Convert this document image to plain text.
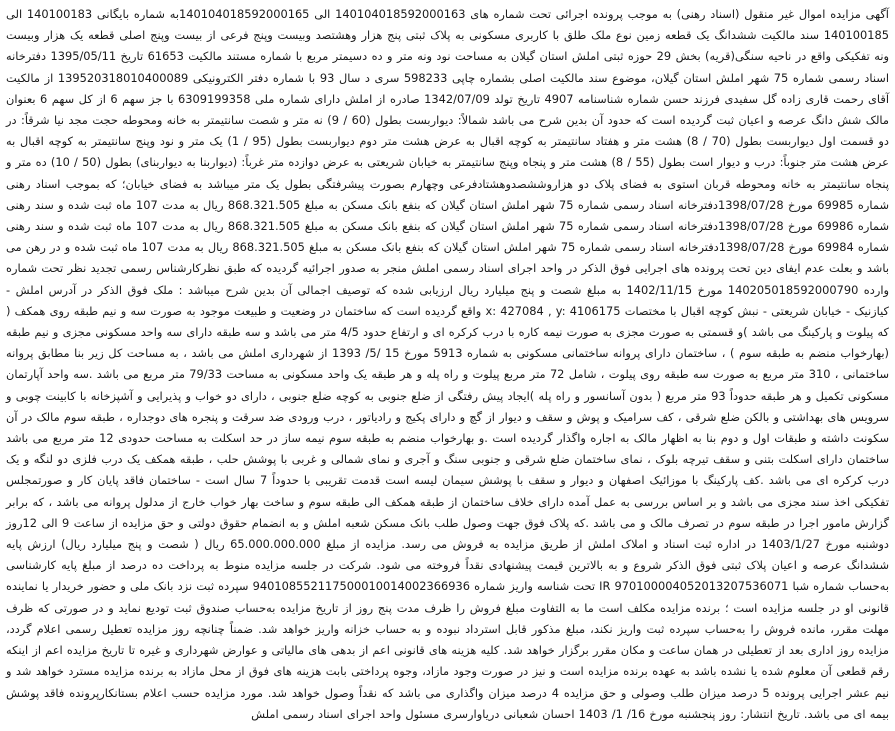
آگهی مزایده اموال غیر منقول (اسناد رهنی) به موجب پرونده اجرائی تحت شماره های 140104018592000163 الی 140104018592000165به شماره بایگانی 140100183 الی 140100185 سند مالکیت ششدانگ یک قطعه زمین نوع ملک طلق با کاربری مسکونی به پلاک ثبتی پنج هزار وهشتصد وبیست وپنج فرعی از بیست وپنج اصلی قطعه یک هزار وبیست ونه تفکیکی واقع در ناحیه سنگی(قریه) بخش 29 حوزه ثبتی املش استان گیلان به مساحت نود ونه متر و ده دسیمتر مربع با شماره مستند مالکیت 61653 تاریخ 1395/05/11 دفترخانه اسناد رسمی شماره 75 شهر املش استان گیلان، موضوع سند مالکیت اصلی بشماره چاپی 598233 سری د سال 93 با شماره دفتر الکترونیکی 139520318010400089 از مالکیت آقای رحمت قاری زاده گل سفیدی فرزند حسن شماره شناسنامه 4907 تاریخ تولد 1342/07/09 صادره از املش دارای شماره ملی 6309199358 با جز سهم 6 از کل سهم 6 بعنوان مالک شش دانگ عرصه و اعیان ثبت گردیده است که حدود آن بدین شرح می باشد شمالاً: دیواربست بطول (60 / 9) نه متر و شصت سانتیمتر به خانه ومحوطه حجت مجد نیا شرقاً: در دو قسمت اول دیواربست بطول (70 / 8) هشت متر و هفتاد سانتیمتر به کوچه اقبال به عرض هشت متر دوم دیواربست بطول (95 / 1) یک متر و نود وپنج سانتیمتر به کوچه اقبال به عرض هشت متر جنوباً: درب و دیوار است بطول (55 / 8) هشت متر و پنجاه وپنج سانتیمتر به خیابان شریعتی به عرض دوازده متر غرباً: (دیواربنا به دیواربنای) بطول (50 / 10) ده متر و پنجاه سانتیمتر به خانه ومحوطه قربان استوی به فضای پلاک دو هزاروششصدوهشتادفرعی وچهارم بصورت پیشرفتگی بطول یک متر میباشد به فضای خیابان؛ که بموجب اسناد رهنی شماره 69985 مورخ 1398/07/28دفترخانه اسناد رسمی شماره 75 شهر املش استان گیلان که بنفع بانک مسکن به مبلغ 868.321.505 ریال به مدت 107 ماه ثبت شده و سند رهنی شماره 69986 مورخ 1398/07/28دفترخانه اسناد رسمی شماره 75 شهر املش استان گیلان که بنفع بانک مسکن به مبلغ 868.321.505 ریال به مدت 107 ماه ثبت شده و سند رهنی شماره 69984 مورخ 1398/07/28دفترخانه اسناد رسمی شماره 75 شهر املش استان گیلان که بنفع بانک مسکن به مبلغ 868.321.505 ریال به مدت 107 ماه ثبت شده و در رهن می باشد و بعلت عدم ایفای دین تحت پرونده های اجرایی فوق الذکر در واحد اجرای اسناد رسمی املش منجر به صدور اجرائیه گردیده که طبق نظرکارشناس رسمی تجدید نظر تحت شماره وارده 140205018592000790 مورخ 1402/11/15 به مبلغ شصت و پنج میلیارد ریال ارزیابی شده که توصیف اجمالی آن بدین شرح میباشد : ملک فوق الذکر در آدرس املش - کیازنیک - خیابان شریعتی - نبش کوچه اقبال با مختصات x: 427084 , y: 4106175 واقع گردیده است که ساختمان در وضعیت و طبیعت موجود به صورت سه و نیم طبقه روی همکف ( که پیلوت و پارکینگ می باشد )و قسمتی به صورت مجزی به صورت نیمه کاره با درب کرکره ای و ارتفاع حدود 4/5 متر می باشد و سه طبقه دارای سه واحد مسکونی مجزی و نیم طبقه (بهارخواب منضم به طبقه سوم ) ، ساختمان دارای پروانه ساختمانی مسکونی به شماره 5913 مورخ 15 /5/ 1393 از شهرداری املش می باشد ، به مساحت کل زیر بنا مطابق پروانه ساختمانی ، 310 متر مربع به صورت سه طبقه روی پیلوت ، شامل 72 متر مربع پیلوت و راه پله و هر طبقه یک واحد مسکونی به مساحت 79/33 متر مربع می باشد .سه واحد آپارتمان مسکونی تکمیل و هر طبقه حدوداً 93 متر مربع ( بدون آسانسور و راه پله )ایجاد پیش رفتگی از ضلع جنوبی به کوچه ضلع جنوبی ، دارای دو خواب و پذیرایی و آشپزخانه با کابینت چوبی و سرویس های بهداشتی و بالکن ضلع شرقی ، کف سرامیک و پوش و سقف و دیوار از گچ و دارای پکیج و رادیاتور ، درب ورودی ضد سرقت و پنجره های دوجداره ، طبقه سوم مالک در آن سکونت داشته و طبقات اول و دوم بنا به اظهار مالک به اجاره واگذار گردیده است .و بهارخواب منضم به طبقه سوم نیمه ساز در حد اسکلت به مساحت حدودی 12 متر مربع می باشد ساختمان دارای اسکلت بتنی و سقف تیرچه بلوک ، نمای ساختمان ضلع شرقی و جنوبی سنگ و آجری و نمای شمالی و غربی با پوشش حلب ، طبقه همکف یک درب فلزی دو لنگه و یک درب کرکره ای می باشد .کف پارکینگ با موزائیک اصفهان و دیوار و سقف با پوشش سیمان لیسه است قدمت تقریبی با حدوداً 7 سال است - ساختمان فاقد پایان کار و صورتمجلس تفکیکی اخذ سند مجزی می باشد و بر اساس بررسی به عمل آمده دارای خلاف ساختمان از طبقه همکف الی طبقه سوم و ساخت بهار خواب خارج از مدلول پروانه می باشد ، که برابر گزارش مامور اجرا در طبقه سوم در تصرف مالک و می باشد .که پلاک فوق جهت وصول طلب بانک مسکن شعبه املش و به انضمام حقوق دولتی و حق مزایده از ساعت 9 الی 12روز دوشنبه مورخ 1403/1/27 در اداره ثبت اسناد و املاک املش از طریق مزایده به فروش می رسد. مزایده از مبلغ 65.000.000.000 ریال ( شصت و پنج میلیارد ریال) ارزش پایه ششدانگ عرصه و اعیان پلاک ثبتی فوق الذکر شروع و به بالاترین قیمت پیشنهادی نقداً فروخته می شود. شرکت در جلسه مزایده منوط به پرداخت ده درصد از مبلغ پایه کارشناسی به‌حساب شماره شبا IR 970100004052013207536071 تحت شناسه واریز شماره 940108552117500010014002366936 سپرده ثبت نزد بانک ملی و حضور خریدار یا نماینده قانونی او در جلسه مزایده است ؛ برنده مزایده مکلف است ما به التفاوت مبلغ فروش را ظرف مدت پنج روز از تاریخ مزایده به‌حساب صندوق ثبت تودیع نماید و در صورتی که ظرف مهلت مقرر، مانده فروش را به‌حساب سپرده ثبت واریز نکند، مبلغ مذکور قابل استرداد نبوده و به حساب خزانه واریز خواهد شد. ضمناً چنانچه روز مزایده تعطیل رسمی اعلام گردد، مزایده روز اداری بعد از تعطیلی در همان ساعت و مکان مقرر برگزار خواهد شد. کلیه هزینه های قانونی اعم از بدهی های مالیاتی و عوارض شهرداری و غیره تا تاریخ مزایده اعم از اینکه رقم قطعی آن معلوم شده یا نشده باشد به عهده برنده مزایده است و نیز در صورت وجود مازاد، وجوه پرداختی بابت هزینه های فوق از محل مازاد به برنده مزایده مسترد خواهد شد و نیم عشر اجرایی پرونده 5 درصد میزان طلب وصولی و حق مزایده 4 درصد میزان واگذاری می باشد که نقداً وصول خواهد شد. مورد مزایده حسب اعلام بستانکارپرونده فاقد پوشش بیمه ای می باشد. تاریخ انتشار: روز پنجشنبه مورخ 16/ 1/ 1403 احسان شعبانی دریاوارسری مسئول واحد اجرای اسناد رسمی املش
